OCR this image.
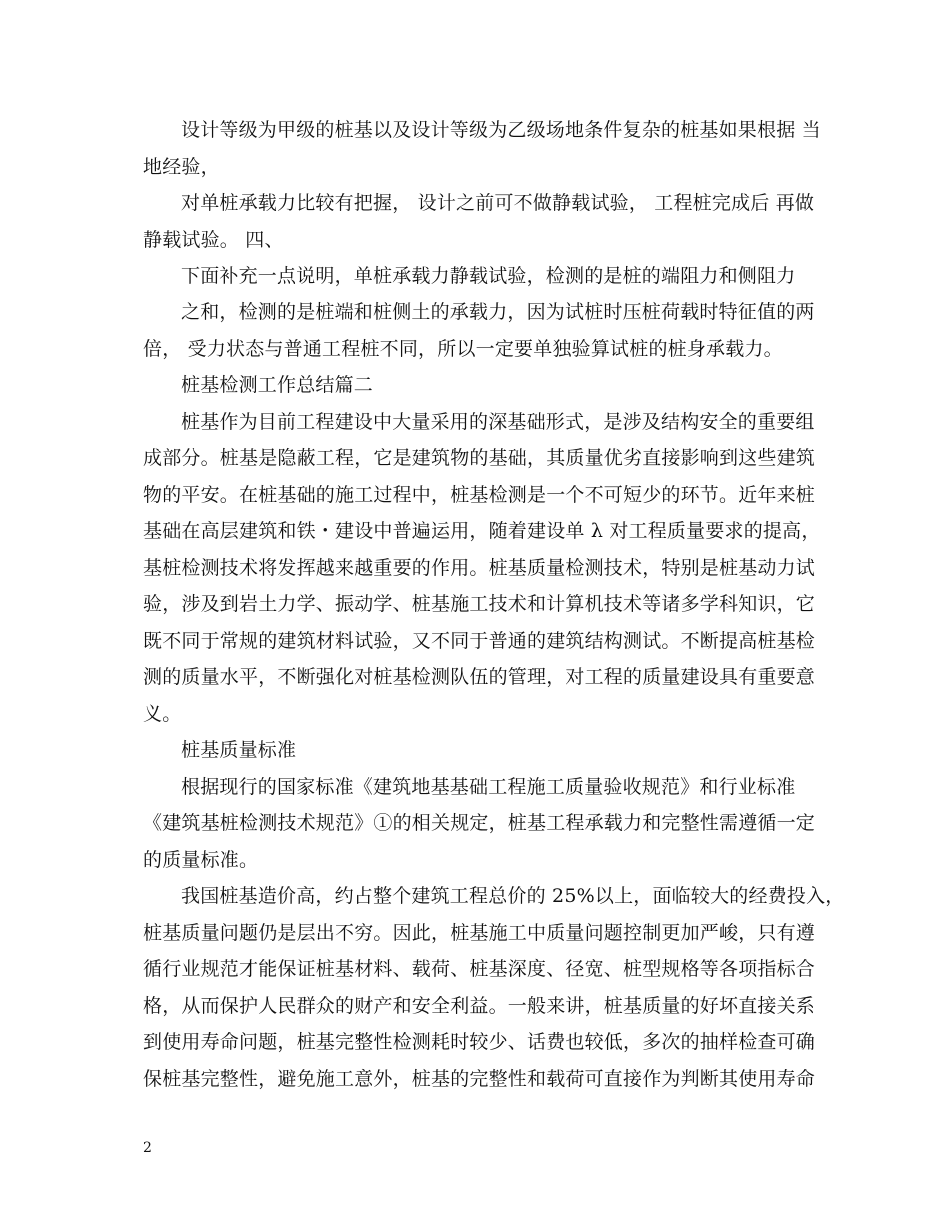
设计等级为甲级的桩基以及设计等级为乙级场地条件复杂的桩基如果根据 当
地经验，
对单桩承载力比较有把握， 设计之前可不做静载试验， 工程桩完成后 再做
静载试验。 四、
下面补充一点说明，单桩承载力静载试验，检测的是桩的端阻力和侧阻力
之和，检测的是桩端和桩侧土的承载力，因为试桩时压桩荷载时特征值的两
倍， 受力状态与普通工程桩不同，所以一定要单独验算试桩的桩身承载力。
桩基检测工作总结篇二
桩基作为目前工程建设中大量采用的深基础形式，是涉及结构安全的重要组
成部分。桩基是隐蔽工程，它是建筑物的基础，其质量优劣直接影响到这些建筑
物的平安。在桩基础的施工过程中，桩基检测是一个不可短少的环节。近年来桩
基础在高层建筑和铁・建设中普遍运用，随着建设单 λ 对工程质量要求的提高，
基桩检测技术将发挥越来越重要的作用。桩基质量检测技术，特别是桩基动力试
验，涉及到岩土力学、振动学、桩基施工技术和计算机技术等诸多学科知识，它
既不同于常规的建筑材料试验，又不同于普通的建筑结构测试。不断提高桩基检
测的质量水平，不断强化对桩基检测队伍的管理，对工程的质量建设具有重要意
义。
桩基质量标准
根据现行的国家标准《建筑地基基础工程施工质量验收规范》和行业标准
《建筑基桩检测技术规范》①的相关规定，桩基工程承载力和完整性需遵循一定
的质量标准。
我国桩基造价高，约占整个建筑工程总价的 25%以上，面临较大的经费投入，
桩基质量问题仍是层出不穷。因此，桩基施工中质量问题控制更加严峻，只有遵
循行业规范才能保证桩基材料、载荷、桩基深度、径宽、桩型规格等各项指标合
格，从而保护人民群众的财产和安全利益。一般来讲，桩基质量的好坏直接关系
到使用寿命问题，桩基完整性检测耗时较少、话费也较低，多次的抽样检查可确
保桩基完整性，避免施工意外，桩基的完整性和载荷可直接作为判断其使用寿命
2
